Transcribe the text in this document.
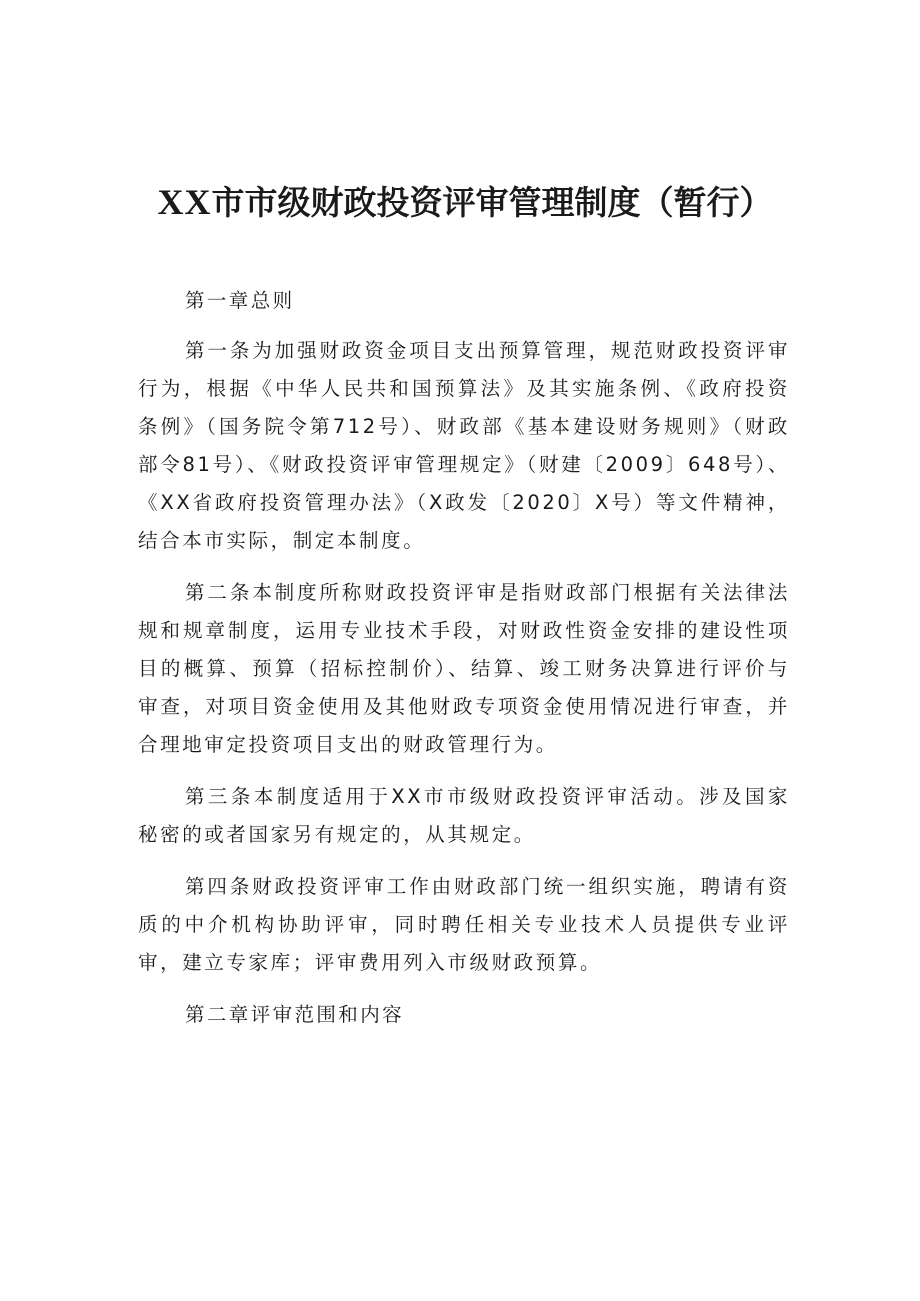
XX市市级财政投资评审管理制度（暂行）

第一章总则

第一条为加强财政资金项目支出预算管理，规范财政投资评审行为，根据《中华人民共和国预算法》及其实施条例、《政府投资条例》（国务院令第712号）、财政部《基本建设财务规则》（财政部令81号）、《财政投资评审管理规定》（财建〔2009〕648号）、《XX省政府投资管理办法》（X政发〔2020〕X号）等文件精神，结合本市实际，制定本制度。

第二条本制度所称财政投资评审是指财政部门根据有关法律法规和规章制度，运用专业技术手段，对财政性资金安排的建设性项目的概算、预算（招标控制价）、结算、竣工财务决算进行评价与审查，对项目资金使用及其他财政专项资金使用情况进行审查，并合理地审定投资项目支出的财政管理行为。

第三条本制度适用于XX市市级财政投资评审活动。涉及国家秘密的或者国家另有规定的，从其规定。

第四条财政投资评审工作由财政部门统一组织实施，聘请有资质的中介机构协助评审，同时聘任相关专业技术人员提供专业评审，建立专家库；评审费用列入市级财政预算。

第二章评审范围和内容
